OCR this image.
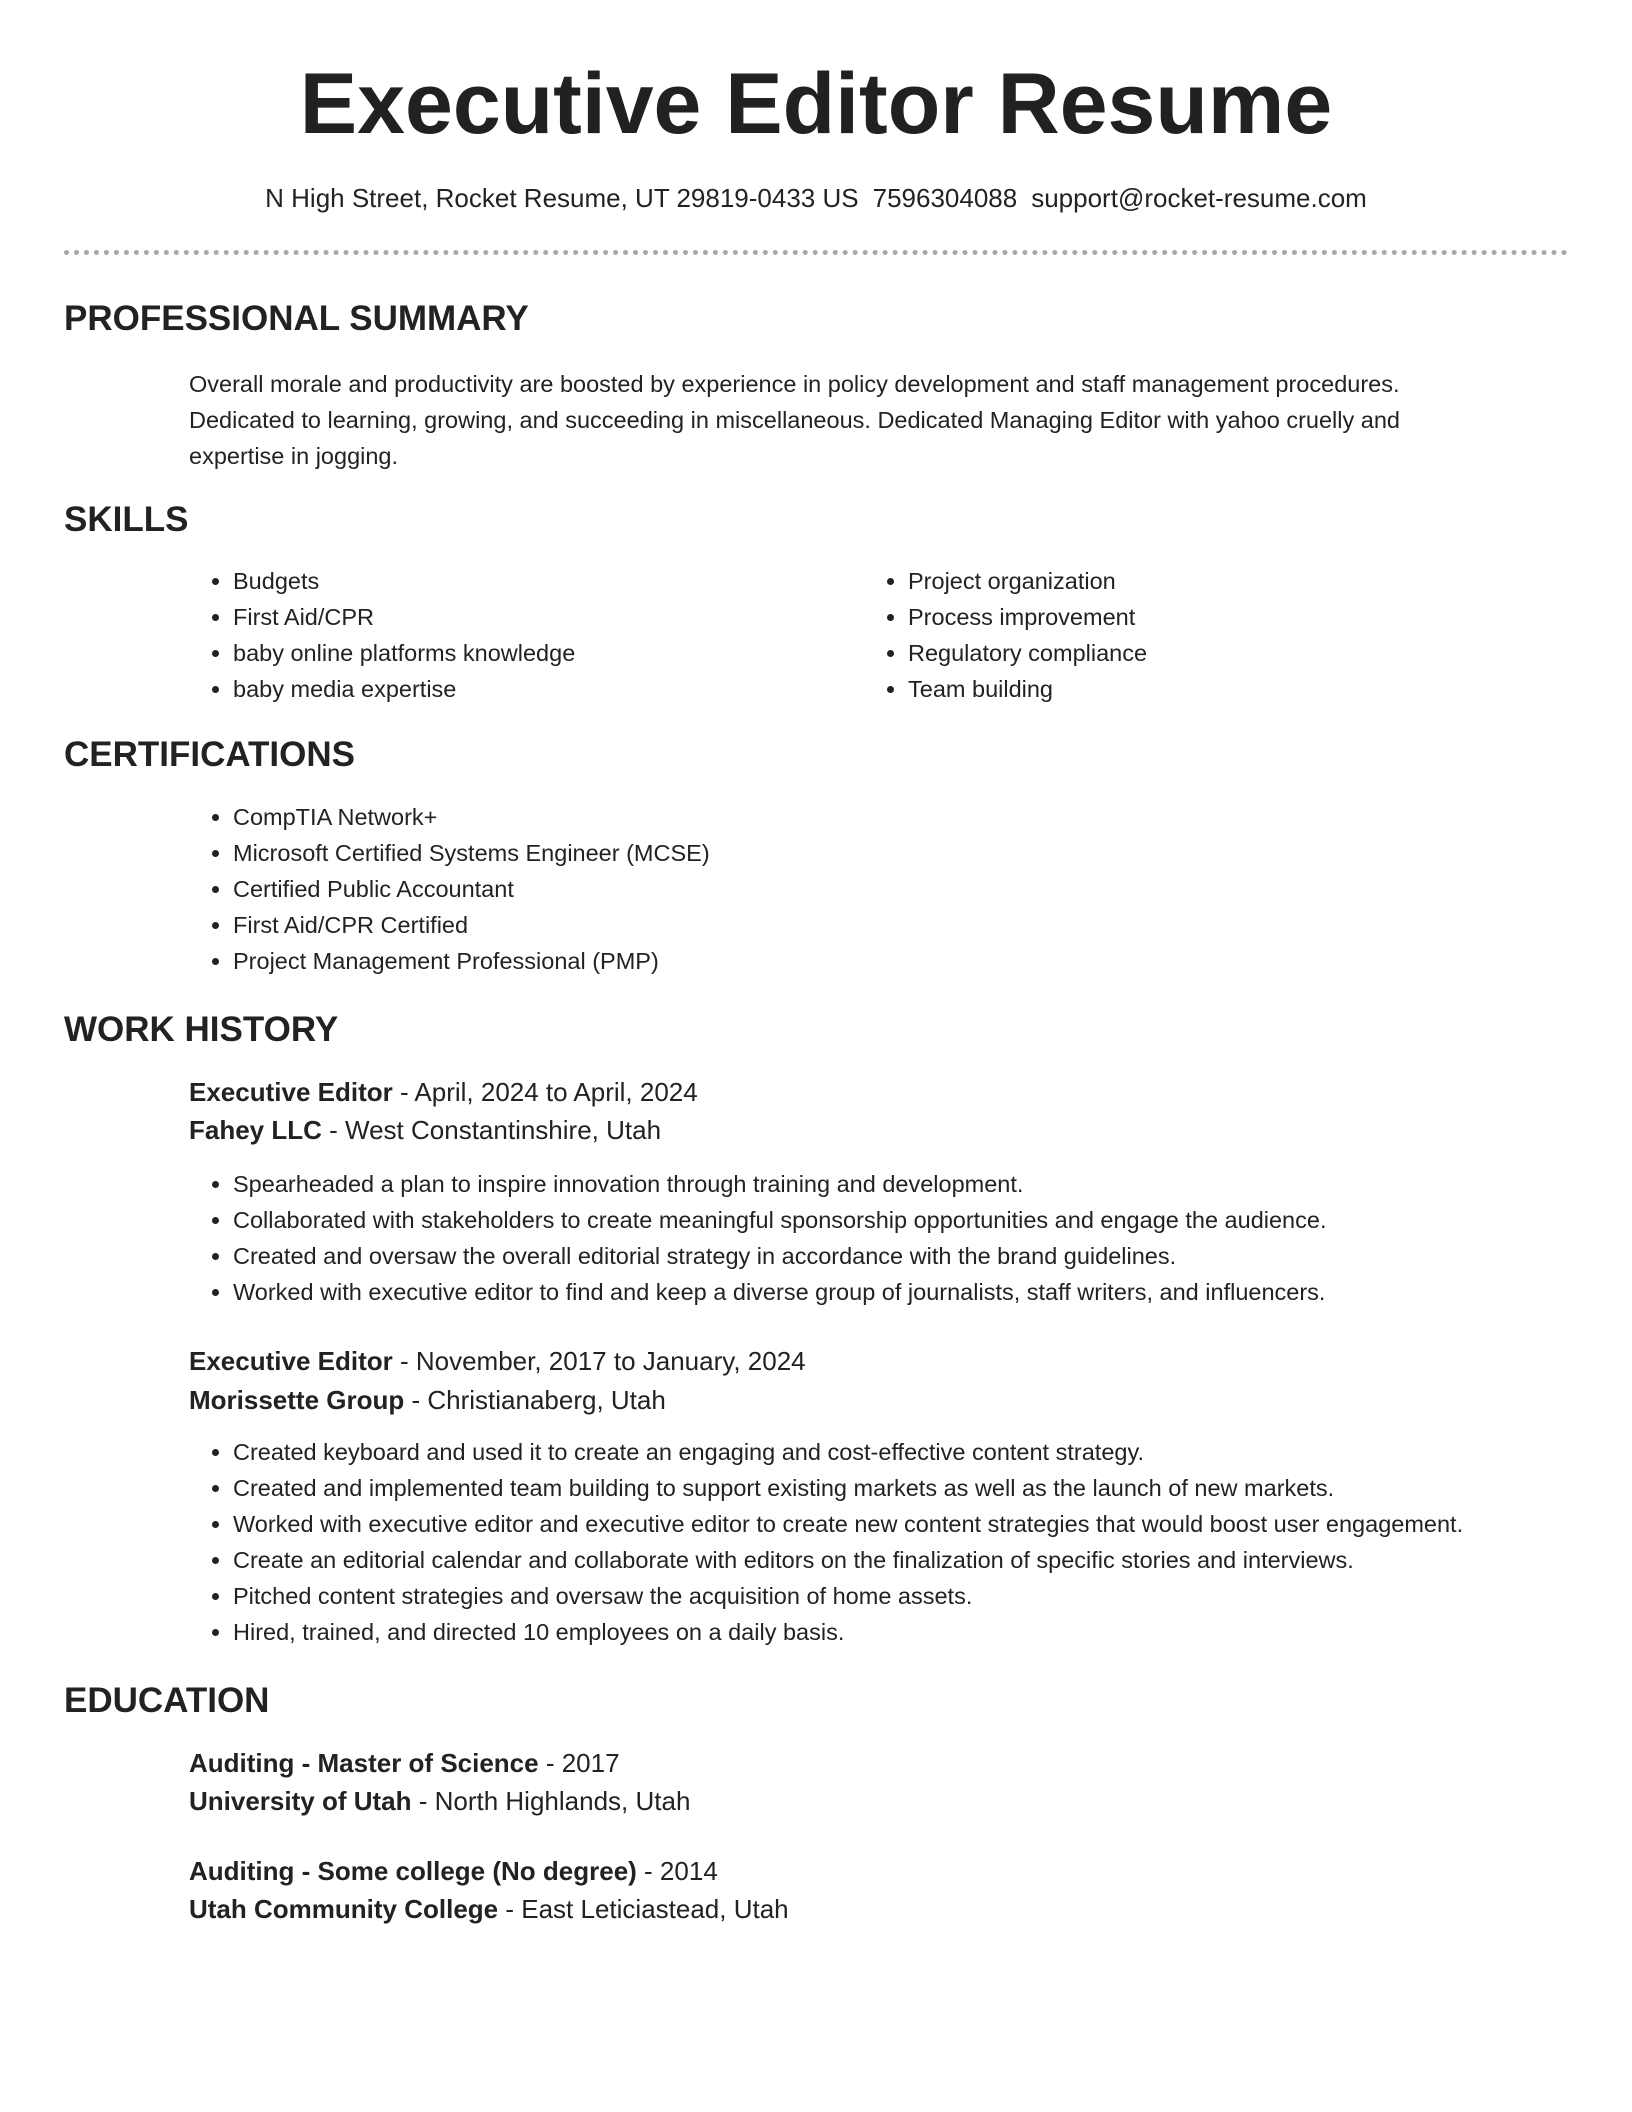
Executive Editor Resume
N High Street, Rocket Resume, UT 29819-0433 US 7596304088 support@rocket-resume.com
PROFESSIONAL SUMMARY
Overall morale and productivity are boosted by experience in policy development and staff management procedures.
Dedicated to learning, growing, and succeeding in miscellaneous. Dedicated Managing Editor with yahoo cruelly and
expertise in jogging.
SKILLS
• Budgets
• First Aid/CPR
• baby online platforms knowledge
• baby media expertise
• Project organization
• Process improvement
• Regulatory compliance
• Team building
CERTIFICATIONS
• CompTIA Network+
• Microsoft Certified Systems Engineer (MCSE)
• Certified Public Accountant
• First Aid/CPR Certified
• Project Management Professional (PMP)
WORK HISTORY
Executive Editor - April, 2024 to April, 2024
Fahey LLC - West Constantinshire, Utah
• Spearheaded a plan to inspire innovation through training and development.
• Collaborated with stakeholders to create meaningful sponsorship opportunities and engage the audience.
• Created and oversaw the overall editorial strategy in accordance with the brand guidelines.
• Worked with executive editor to find and keep a diverse group of journalists, staff writers, and influencers.
Executive Editor - November, 2017 to January, 2024
Morissette Group - Christianaberg, Utah
• Created keyboard and used it to create an engaging and cost-effective content strategy.
• Created and implemented team building to support existing markets as well as the launch of new markets.
• Worked with executive editor and executive editor to create new content strategies that would boost user engagement.
• Create an editorial calendar and collaborate with editors on the finalization of specific stories and interviews.
• Pitched content strategies and oversaw the acquisition of home assets.
• Hired, trained, and directed 10 employees on a daily basis.
EDUCATION
Auditing - Master of Science - 2017
University of Utah - North Highlands, Utah
Auditing - Some college (No degree) - 2014
Utah Community College - East Leticiastead, Utah
